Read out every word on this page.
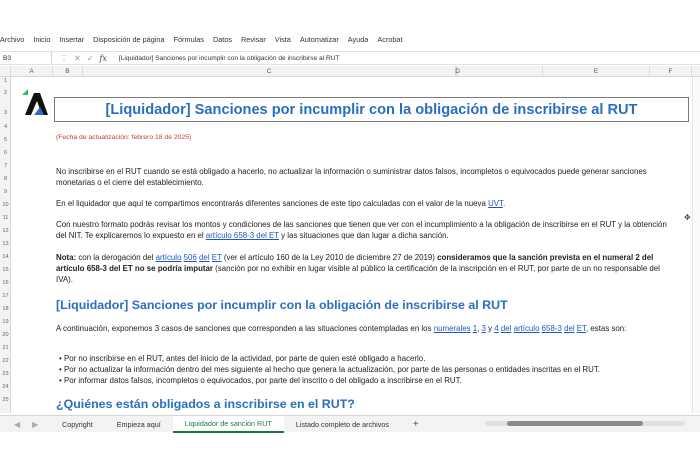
Archivo Inicio Insertar Disposición de página Fórmulas Datos Revisar Vista Automatizar Ayuda Acrobat
B3	⋮ ✕ ✓ fx	[Liquidador] Sanciones por incumplir con la obligación de inscribirse al RUT
A	B	C	D	E	F
1
2
3
4
5
6
7
8
9
10
11
12
13
14
15
16
17
18
19
20
21
22
23
24
25
[Liquidador] Sanciones por incumplir con la obligación de inscribirse al RUT
(Fecha de actualización: febrero 18 de 2025)
No inscribirse en el RUT cuando se está obligado a hacerlo, no actualizar la información o suministrar datos falsos, incompletos o equivocados puede generar sanciones monetarias o el cierre del establecimiento.
En el liquidador que aquí te compartimos encontrarás diferentes sanciones de este tipo calculadas con el valor de la nueva UVT.
Con nuestro formato podrás revisar los montos y condiciones de las sanciones que tienen que ver con el incumplimiento a la obligación de inscribirse en el RUT y la obtención del NIT. Te explicaremos lo expuesto en el artículo 658-3 del ET y las situaciones que dan lugar a dicha sanción.
Nota: con la derogación del artículo 506 del ET (ver el artículo 160 de la Ley 2010 de diciembre 27 de 2019) consideramos que la sanción prevista en el numeral 2 del artículo 658-3 del ET no se podría imputar (sanción por no exhibir en lugar visible al público la certificación de la inscripción en el RUT, por parte de un no responsable del IVA).
[Liquidador] Sanciones por incumplir con la obligación de inscribirse al RUT
A continuación, exponemos 3 casos de sanciones que corresponden a las situaciones contempladas en los numerales 1, 3 y 4 del artículo 658-3 del ET, estas son:
• Por no inscribirse en el RUT, antes del inicio de la actividad, por parte de quien esté obligado a hacerlo.
• Por no actualizar la información dentro del mes siguiente al hecho que genera la actualización, por parte de las personas o entidades inscritas en el RUT.
• Por informar datos falsos, incompletos o equivocados, por parte del inscrito o del obligado a inscribirse en el RUT.
¿Quiénes están obligados a inscribirse en el RUT?
✥
◀ ▶	Copyright	Empieza aquí	Liquidador de sanción RUT	Listado completo de archivos	+
